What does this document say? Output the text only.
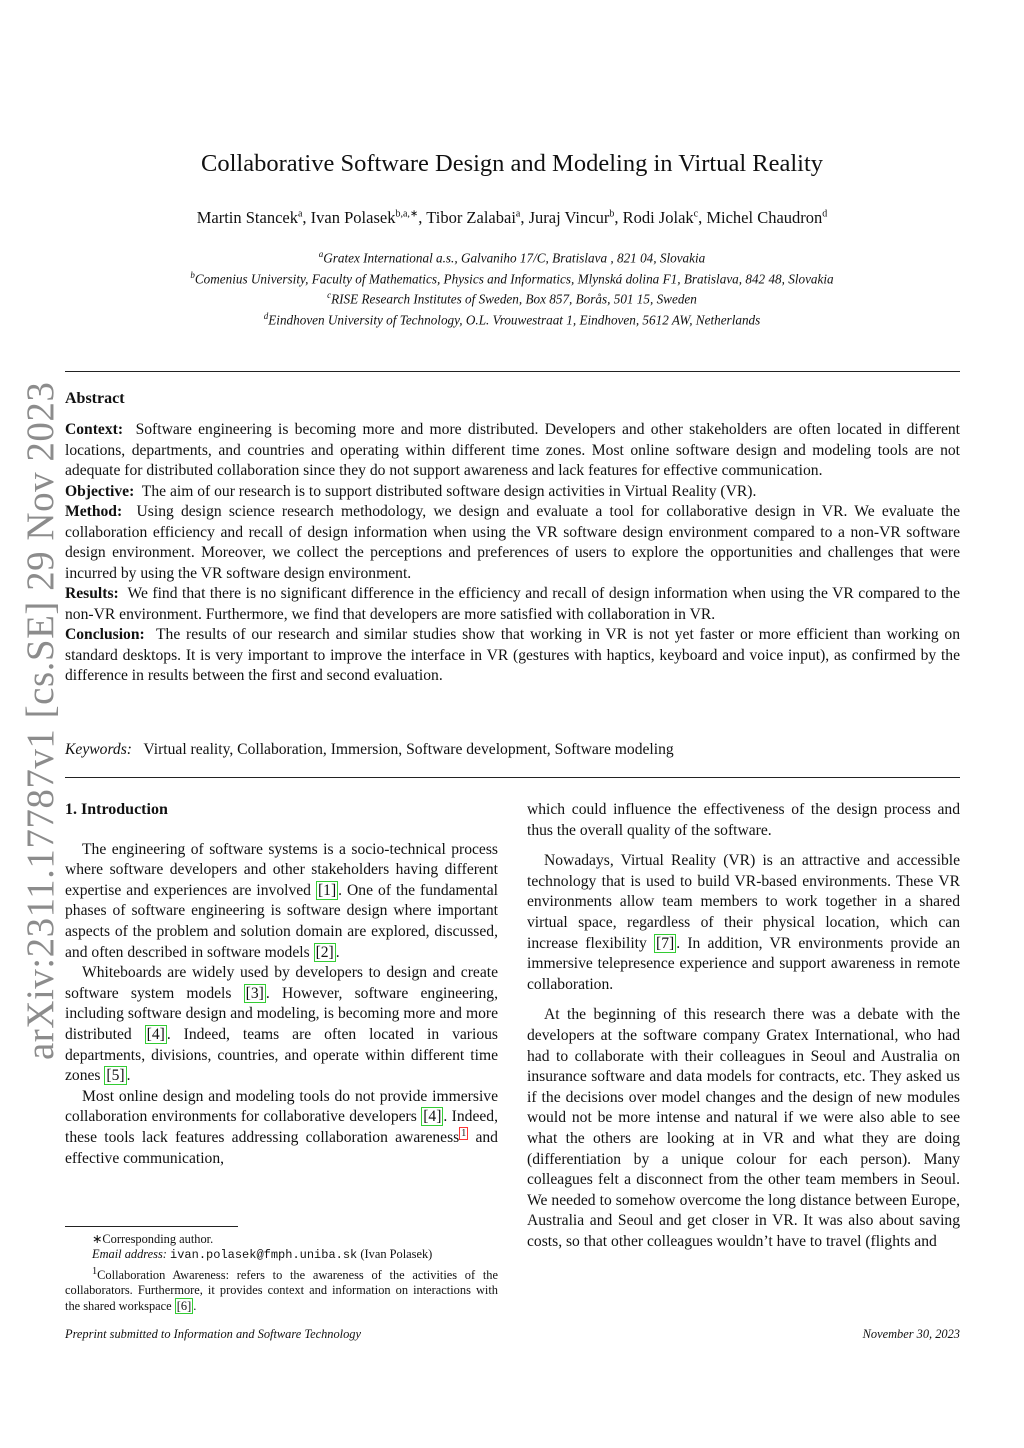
arXiv:2311.17787v1 [cs.SE] 29 Nov 2023
Collaborative Software Design and Modeling in Virtual Reality
Martin Stancek$^a$, Ivan Polasek$^{b,a,∗}$, Tibor Zalabai$^a$, Juraj Vincur$^b$, Rodi Jolak$^c$, Michel Chaudron$^d$
$^a$Gratex International a.s., Galvaniho 17/C, Bratislava , 821 04, Slovakia
$^b$Comenius University, Faculty of Mathematics, Physics and Informatics, Mlynská dolina F1, Bratislava, 842 48, Slovakia
$^c$RISE Research Institutes of Sweden, Box 857, Borås, 501 15, Sweden
$^d$Eindhoven University of Technology, O.L. Vrouwestraat 1, Eindhoven, 5612 AW, Netherlands
Abstract

Context: Software engineering is becoming more and more distributed. Developers and other stakeholders are often located in different locations, departments, and countries and operating within different time zones. Most online software design and modeling tools are not adequate for distributed collaboration since they do not support awareness and lack features for effective communication.

Objective: The aim of our research is to support distributed software design activities in Virtual Reality (VR).

Method: Using design science research methodology, we design and evaluate a tool for collaborative design in VR. We evaluate the collaboration efficiency and recall of design information when using the VR software design environment compared to a non-VR software design environment. Moreover, we collect the perceptions and preferences of users to explore the opportunities and challenges that were incurred by using the VR software design environment.

Results: We find that there is no significant difference in the efficiency and recall of design information when using the VR compared to the non-VR environment. Furthermore, we find that developers are more satisfied with collaboration in VR.

Conclusion: The results of our research and similar studies show that working in VR is not yet faster or more efficient than working on standard desktops. It is very important to improve the interface in VR (gestures with haptics, keyboard and voice input), as confirmed by the difference in results between the first and second evaluation.

Keywords: Virtual reality, Collaboration, Immersion, Software development, Software modeling

1. Introduction

The engineering of software systems is a socio-technical process where software developers and other stakeholders having different expertise and experiences are involved [1] . One of the fundamental phases of software engineering is software design where important aspects of the problem and solution domain are explored, discussed, and often described in software models [2] .

Whiteboards are widely used by developers to design and create software system models [3] . However, software engineering, including software design and modeling, is becoming more and more distributed [4] . Indeed, teams are often located in various departments, divisions, countries, and operate within different time zones [5] .

Most online design and modeling tools do not provide immersive collaboration environments for collaborative developers [4] . Indeed, these tools lack features addressing collaboration awareness $^1$ and effective communication,

which could influence the effectiveness of the design process and thus the overall quality of the software.

Nowadays, Virtual Reality (VR) is an attractive and accessible technology that is used to build VR-based environments. These VR environments allow team members to work together in a shared virtual space, regardless of their physical location, which can increase flexibility [7] . In addition, VR environments provide an immersive telepresence experience and support awareness in remote collaboration.

At the beginning of this research there was a debate with the developers at the software company Gratex International, who had had to collaborate with their colleagues in Seoul and Australia on insurance software and data models for contracts, etc. They asked us if the decisions over model changes and the design of new modules would not be more intense and natural if we were also able to see what the others are looking at in VR and what they are doing (differentiation by a unique colour for each person). Many colleagues felt a disconnect from the other team members in Seoul. We needed to somehow overcome the long distance between Europe, Australia and Seoul and get closer in VR. It was also about saving costs, so that other colleagues wouldn’t have to travel (flights and

∗Corresponding author.

Email address: ivan.polasek@fmph.uniba.sk (Ivan Polasek)

$^1$Collaboration Awareness: refers to the awareness of the activities of the collaborators. Furthermore, it provides context and information on interactions with the shared workspace [6] .

Preprint submitted to Information and Software Technology	November 30, 2023
